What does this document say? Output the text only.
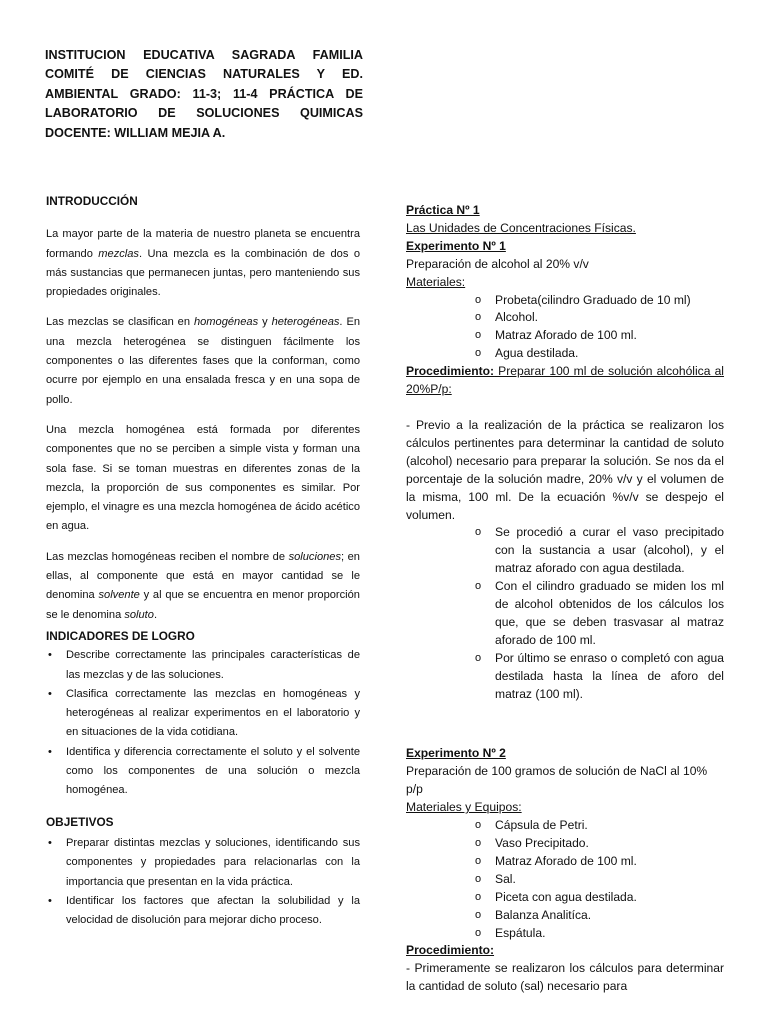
INSTITUCION EDUCATIVA SAGRADA FAMILIA
COMITÉ DE CIENCIAS NATURALES Y ED.
AMBIENTAL GRADO: 11-3; 11-4 PRÁCTICA DE
LABORATORIO DE SOLUCIONES QUIMICAS
DOCENTE: WILLIAM MEJIA A.
INTRODUCCIÓN

La mayor parte de la materia de nuestro planeta se encuentra formando mezclas. Una mezcla es la combinación de dos o más sustancias que permanecen juntas, pero manteniendo sus propiedades originales.

Las mezclas se clasifican en homogéneas y heterogéneas. En una mezcla heterogénea se distinguen fácilmente los componentes o las diferentes fases que la conforman, como ocurre por ejemplo en una ensalada fresca y en una sopa de pollo.

Una mezcla homogénea está formada por diferentes componentes que no se perciben a simple vista y forman una sola fase. Si se toman muestras en diferentes zonas de la mezcla, la proporción de sus componentes es similar. Por ejemplo, el vinagre es una mezcla homogénea de ácido acético en agua.

Las mezclas homogéneas reciben el nombre de soluciones; en ellas, al componente que está en mayor cantidad se le denomina solvente y al que se encuentra en menor proporción se le denomina soluto.

INDICADORES DE LOGRO
• Describe correctamente las principales características de las mezclas y de las soluciones.
• Clasifica correctamente las mezclas en homogéneas y heterogéneas al realizar experimentos en el laboratorio y en situaciones de la vida cotidiana.
• Identifica y diferencia correctamente el soluto y el solvente como los componentes de una solución o mezcla homogénea.
OBJETIVOS
• Preparar distintas mezclas y soluciones, identificando sus componentes y propiedades para relacionarlas con la importancia que presentan en la vida práctica.
• Identificar los factores que afectan la solubilidad y la velocidad de disolución para mejorar dicho proceso.
Práctica Nº 1
Las Unidades de Concentraciones Físicas.
Experimento Nº 1
Preparación de alcohol al 20% v/v
Materiales:
o Probeta(cilindro Graduado de 10 ml)
o Alcohol.
o Matraz Aforado de 100 ml.
o Agua destilada.

Procedimiento: Preparar 100 ml de solución alcohólica al 20%P/p:

- Previo a la realización de la práctica se realizaron los cálculos pertinentes para determinar la cantidad de soluto (alcohol) necesario para preparar la solución. Se nos da el porcentaje de la solución madre, 20% v/v y el volumen de la misma, 100 ml. De la ecuación %v/v se despejo el volumen.

o Se procedió a curar el vaso precipitado con la sustancia a usar (alcohol), y el matraz aforado con agua destilada.
o Con el cilindro graduado se miden los ml de alcohol obtenidos de los cálculos los que, que se deben trasvasar al matraz aforado de 100 ml.
o Por último se enraso o completó con agua destilada hasta la línea de aforo del matraz (100 ml).
Experimento Nº 2
Preparación de 100 gramos de solución de NaCl al 10% p/p
Materiales y Equipos:
o Cápsula de Petri.
o Vaso Precipitado.
o Matraz Aforado de 100 ml.
o Sal.
o Piceta con agua destilada.
o Balanza Analitíca.
o Espátula.
Procedimiento:

- Primeramente se realizaron los cálculos para determinar la cantidad de soluto (sal) necesario para
